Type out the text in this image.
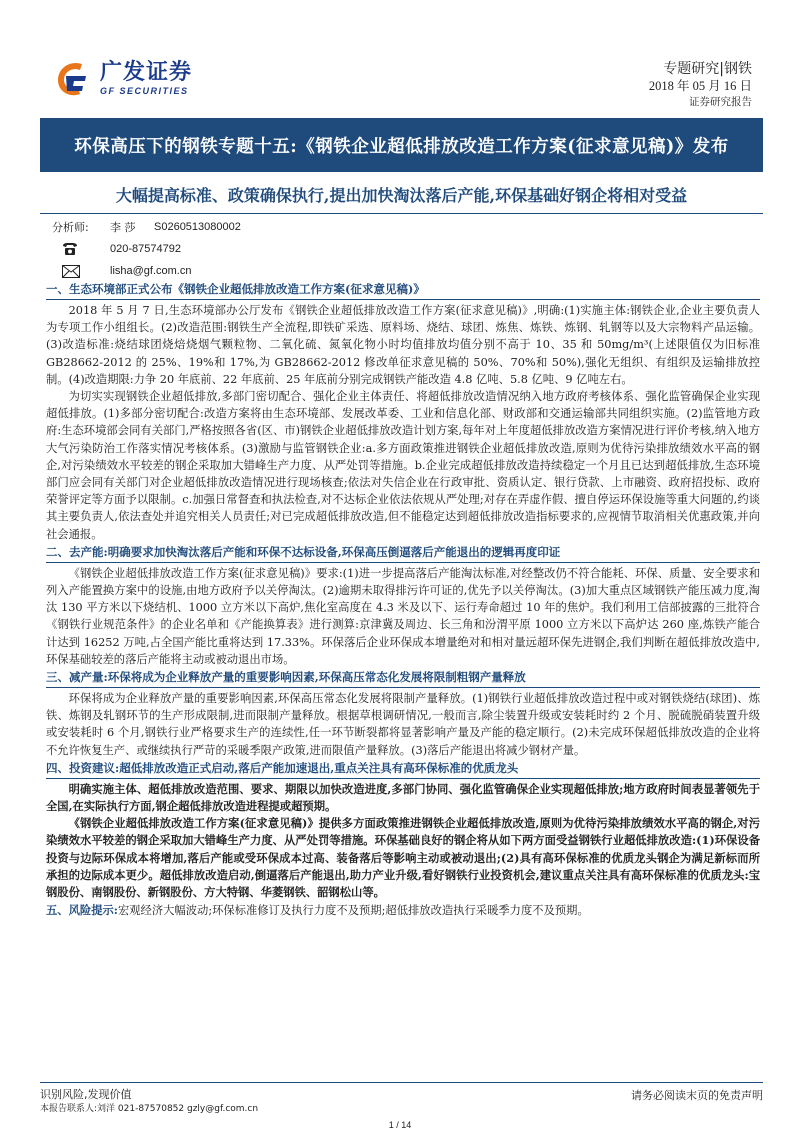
广发证券
GF SECURITIES
专题研究|钢铁
2018 年 05 月 16 日
证券研究报告
环保高压下的钢铁专题十五:《钢铁企业超低排放改造工作方案(征求意见稿)》发布
大幅提高标准、政策确保执行,提出加快淘汰落后产能,环保基础好钢企将相对受益
分析师:	李 莎	S0260513080002
020-87574792
lisha@gf.com.cn
一、生态环境部正式公布《钢铁企业超低排放改造工作方案(征求意见稿)》

2018 年 5 月 7 日,生态环境部办公厅发布《钢铁企业超低排放改造工作方案(征求意见稿)》,明确:(1)实施主体:钢铁企业,企业主要负责人为专项工作小组组长。(2)改造范围:钢铁生产全流程,即铁矿采选、原料场、烧结、球团、炼焦、炼铁、炼钢、轧钢等以及大宗物料产品运输。(3)改造标准:烧结球团烧焙烧烟气颗粒物、二氧化硫、氮氧化物小时均值排放均值分别不高于 10、35 和 50mg/m³(上述限值仅为旧标准 GB28662-2012 的 25%、19%和 17%,为 GB28662-2012 修改单征求意见稿的 50%、70%和 50%),强化无组织、有组织及运输排放控制。(4)改造期限:力争 20 年底前、22 年底前、25 年底前分别完成钢铁产能改造 4.8 亿吨、5.8 亿吨、9 亿吨左右。

为切实实现钢铁企业超低排放,多部门密切配合、强化企业主体责任、将超低排放改造情况纳入地方政府考核体系、强化监管确保企业实现超低排放。(1)多部分密切配合:改造方案将由生态环境部、发展改革委、工业和信息化部、财政部和交通运输部共同组织实施。(2)监管地方政府:生态环境部会同有关部门,严格按照各省(区、市)钢铁企业超低排放改造计划方案,每年对上年度超低排放改造方案情况进行评价考核,纳入地方大气污染防治工作落实情况考核体系。(3)激励与监管钢铁企业:a.多方面政策推进钢铁企业超低排放改造,原则为优待污染排放绩效水平高的钢企,对污染绩效水平较差的钢企采取加大错峰生产力度、从严处罚等措施。b.企业完成超低排放改造持续稳定一个月且已达到超低排放,生态环境部门应会同有关部门对企业超低排放改造情况进行现场核查;依法对失信企业在行政审批、资质认定、银行贷款、上市融资、政府招投标、政府荣誉评定等方面予以限制。c.加强日常督查和执法检查,对不达标企业依法依规从严处理;对存在弄虚作假、擅自停运环保设施等重大问题的,约谈其主要负责人,依法查处并追究相关人员责任;对已完成超低排放改造,但不能稳定达到超低排放改造指标要求的,应视情节取消相关优惠政策,并向社会通报。

二、去产能:明确要求加快淘汰落后产能和环保不达标设备,环保高压倒逼落后产能退出的逻辑再度印证

《钢铁企业超低排放改造工作方案(征求意见稿)》要求:(1)进一步提高落后产能淘汰标准,对经整改仍不符合能耗、环保、质量、安全要求和列入产能置换方案中的设施,由地方政府予以关停淘汰。(2)逾期未取得排污许可证的,优先予以关停淘汰。(3)加大重点区域钢铁产能压减力度,淘汰 130 平方米以下烧结机、1000 立方米以下高炉,焦化室高度在 4.3 米及以下、运行寿命超过 10 年的焦炉。我们利用工信部披露的三批符合《钢铁行业规范条件》的企业名单和《产能换算表》进行测算:京津冀及周边、长三角和汾渭平原 1000 立方米以下高炉达 260 座,炼铁产能合计达到 16252 万吨,占全国产能比重将达到 17.33%。环保落后企业环保成本增量绝对和相对量远超环保先进钢企,我们判断在超低排放改造中,环保基础较差的落后产能将主动或被动退出市场。

三、减产量:环保将成为企业释放产量的重要影响因素,环保高压常态化发展将限制粗钢产量释放

环保将成为企业释放产量的重要影响因素,环保高压常态化发展将限制产量释放。(1)钢铁行业超低排放改造过程中或对钢铁烧结(球团)、炼铁、炼钢及轧钢环节的生产形成限制,进而限制产量释放。根据草根调研情况,一般而言,除尘装置升级或安装耗时约 2 个月、脱硫脱硝装置升级或安装耗时 6 个月,钢铁行业严格要求生产的连续性,任一环节断裂都将显著影响产量及产能的稳定顺行。(2)未完成环保超低排放改造的企业将不允许恢复生产、或继续执行严苛的采暖季限产政策,进而限值产量释放。(3)落后产能退出将减少钢材产量。

四、投资建议:超低排放改造正式启动,落后产能加速退出,重点关注具有高环保标准的优质龙头

明确实施主体、超低排放改造范围、要求、期限以加快改造进度,多部门协同、强化监管确保企业实现超低排放;地方政府时间表显著领先于全国,在实际执行方面,钢企超低排放改造进程提或超预期。

《钢铁企业超低排放改造工作方案(征求意见稿)》提供多方面政策推进钢铁企业超低排放改造,原则为优待污染排放绩效水平高的钢企,对污染绩效水平较差的钢企采取加大错峰生产力度、从严处罚等措施。环保基础良好的钢企将从如下两方面受益钢铁行业超低排放改造:(1)环保设备投资与边际环保成本将增加,落后产能或受环保成本过高、装备落后等影响主动或被动退出;(2)具有高环保标准的优质龙头钢企为满足新标而所承担的边际成本更少。超低排放改造启动,倒逼落后产能退出,助力产业升级,看好钢铁行业投资机会,建议重点关注具有高环保标准的优质龙头:宝钢股份、南钢股份、新钢股份、方大特钢、华菱钢铁、韶钢松山等。

五、风险提示:宏观经济大幅波动;环保标准修订及执行力度不及预期;超低排放改造执行采暖季力度不及预期。
识别风险,发现价值
本报告联系人:刘洋 021-87570852 gzly@gf.com.cn
请务必阅读末页的免责声明
1 / 14
